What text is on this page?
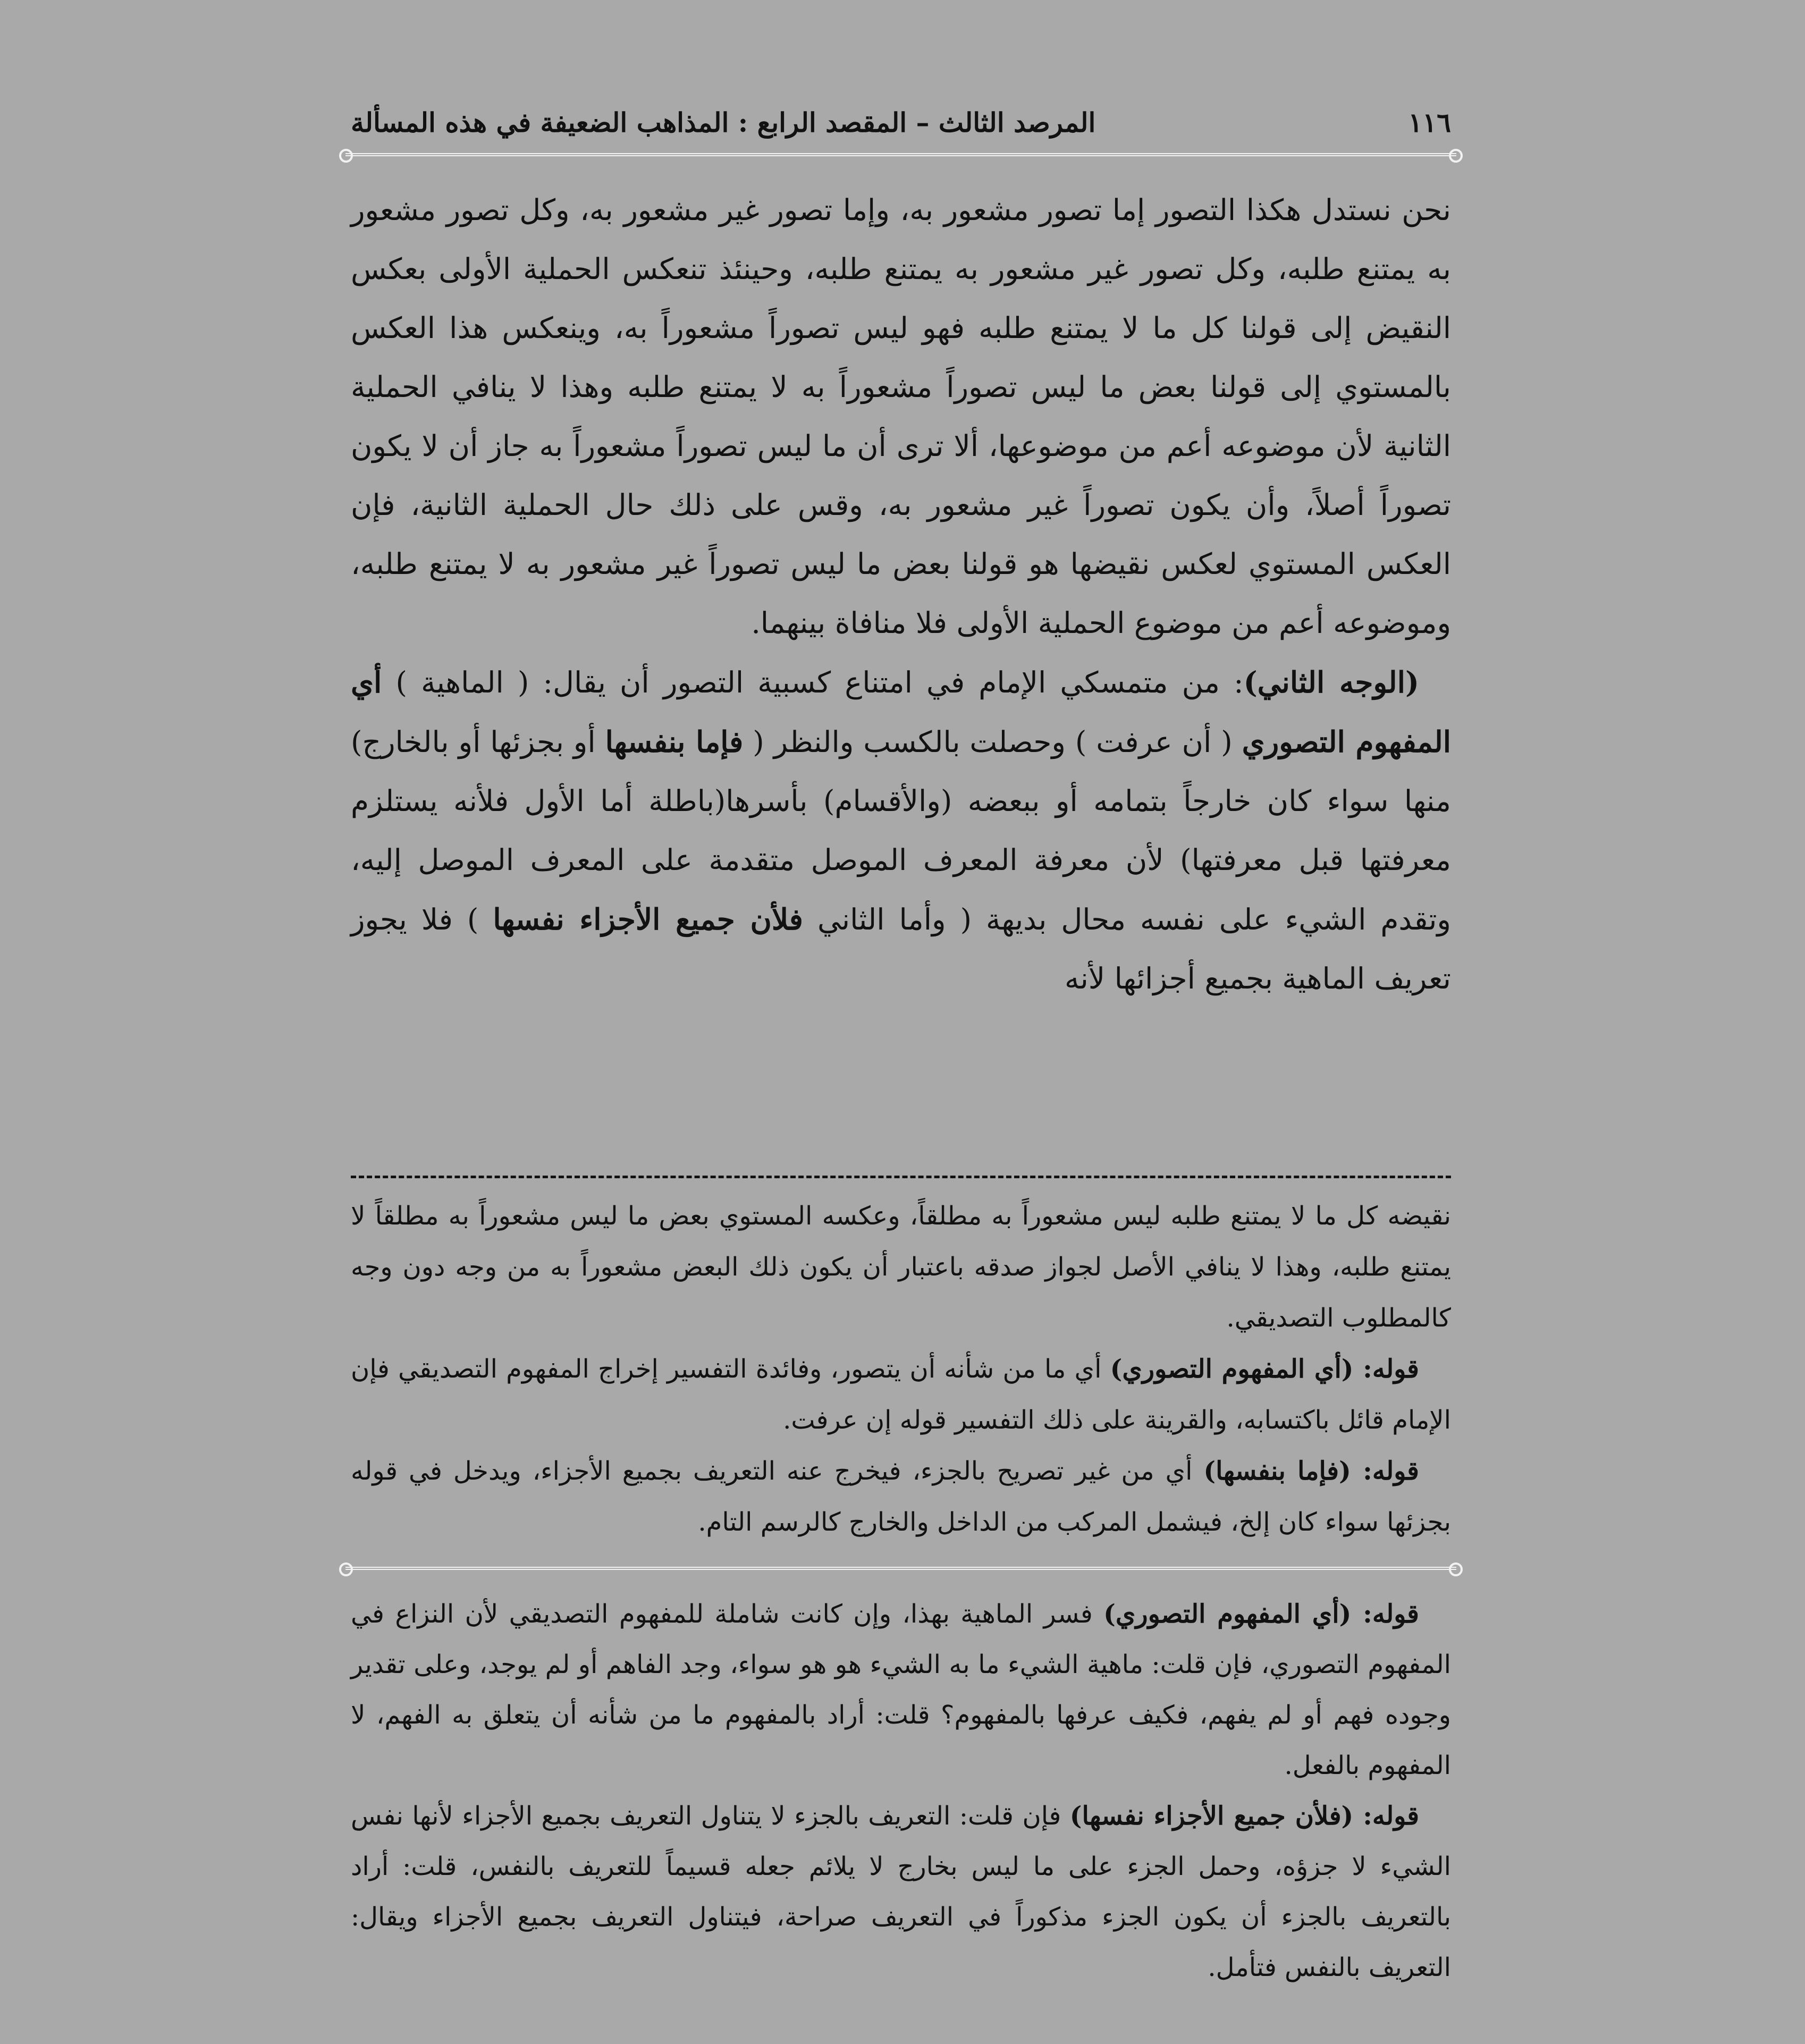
١١٦
المرصد الثالث – المقصد الرابع : المذاهب الضعيفة في هذه المسألة

نحن نستدل هكذا التصور إما تصور مشعور به، وإما تصور غير مشعور به، وكل تصور مشعور به يمتنع طلبه، وكل تصور غير مشعور به يمتنع طلبه، وحينئذ تنعكس الحملية الأولى بعكس النقيض إلى قولنا كل ما لا يمتنع طلبه فهو ليس تصوراً مشعوراً به، وينعكس هذا العكس بالمستوي إلى قولنا بعض ما ليس تصوراً مشعوراً به لا يمتنع طلبه وهذا لا ينافي الحملية الثانية لأن موضوعه أعم من موضوعها، ألا ترى أن ما ليس تصوراً مشعوراً به جاز أن لا يكون تصوراً أصلاً، وأن يكون تصوراً غير مشعور به، وقس على ذلك حال الحملية الثانية، فإن العكس المستوي لعكس نقيضها هو قولنا بعض ما ليس تصوراً غير مشعور به لا يمتنع طلبه، وموضوعه أعم من موضوع الحملية الأولى فلا منافاة بينهما.

(الوجه الثاني): من متمسكي الإمام في امتناع كسبية التصور أن يقال: ( الماهية ) أي المفهوم التصوري ( أن عرفت ) وحصلت بالكسب والنظر ( فإما بنفسها أو بجزئها أو بالخارج) منها سواء كان خارجاً بتمامه أو ببعضه (والأقسام) بأسرها(باطلة أما الأول فلأنه يستلزم معرفتها قبل معرفتها) لأن معرفة المعرف الموصل متقدمة على المعرف الموصل إليه، وتقدم الشيء على نفسه محال بديهة ( وأما الثاني فلأن جميع الأجزاء نفسها ) فلا يجوز تعريف الماهية بجميع أجزائها لأنه

نقيضه كل ما لا يمتنع طلبه ليس مشعوراً به مطلقاً، وعكسه المستوي بعض ما ليس مشعوراً به مطلقاً لا يمتنع طلبه، وهذا لا ينافي الأصل لجواز صدقه باعتبار أن يكون ذلك البعض مشعوراً به من وجه دون وجه كالمطلوب التصديقي.

قوله: (أي المفهوم التصوري) أي ما من شأنه أن يتصور، وفائدة التفسير إخراج المفهوم التصديقي فإن الإمام قائل باكتسابه، والقرينة على ذلك التفسير قوله إن عرفت.

قوله: (فإما بنفسها) أي من غير تصريح بالجزء، فيخرج عنه التعريف بجميع الأجزاء، ويدخل في قوله بجزئها سواء كان إلخ، فيشمل المركب من الداخل والخارج كالرسم التام.

قوله: (أي المفهوم التصوري) فسر الماهية بهذا، وإن كانت شاملة للمفهوم التصديقي لأن النزاع في المفهوم التصوري، فإن قلت: ماهية الشيء ما به الشيء هو هو سواء، وجد الفاهم أو لم يوجد، وعلى تقدير وجوده فهم أو لم يفهم، فكيف عرفها بالمفهوم؟ قلت: أراد بالمفهوم ما من شأنه أن يتعلق به الفهم، لا المفهوم بالفعل.

قوله: (فلأن جميع الأجزاء نفسها) فإن قلت: التعريف بالجزء لا يتناول التعريف بجميع الأجزاء لأنها نفس الشيء لا جزؤه، وحمل الجزء على ما ليس بخارج لا يلائم جعله قسيماً للتعريف بالنفس، قلت: أراد بالتعريف بالجزء أن يكون الجزء مذكوراً في التعريف صراحة، فيتناول التعريف بجميع الأجزاء ويقال: التعريف بالنفس فتأمل.
